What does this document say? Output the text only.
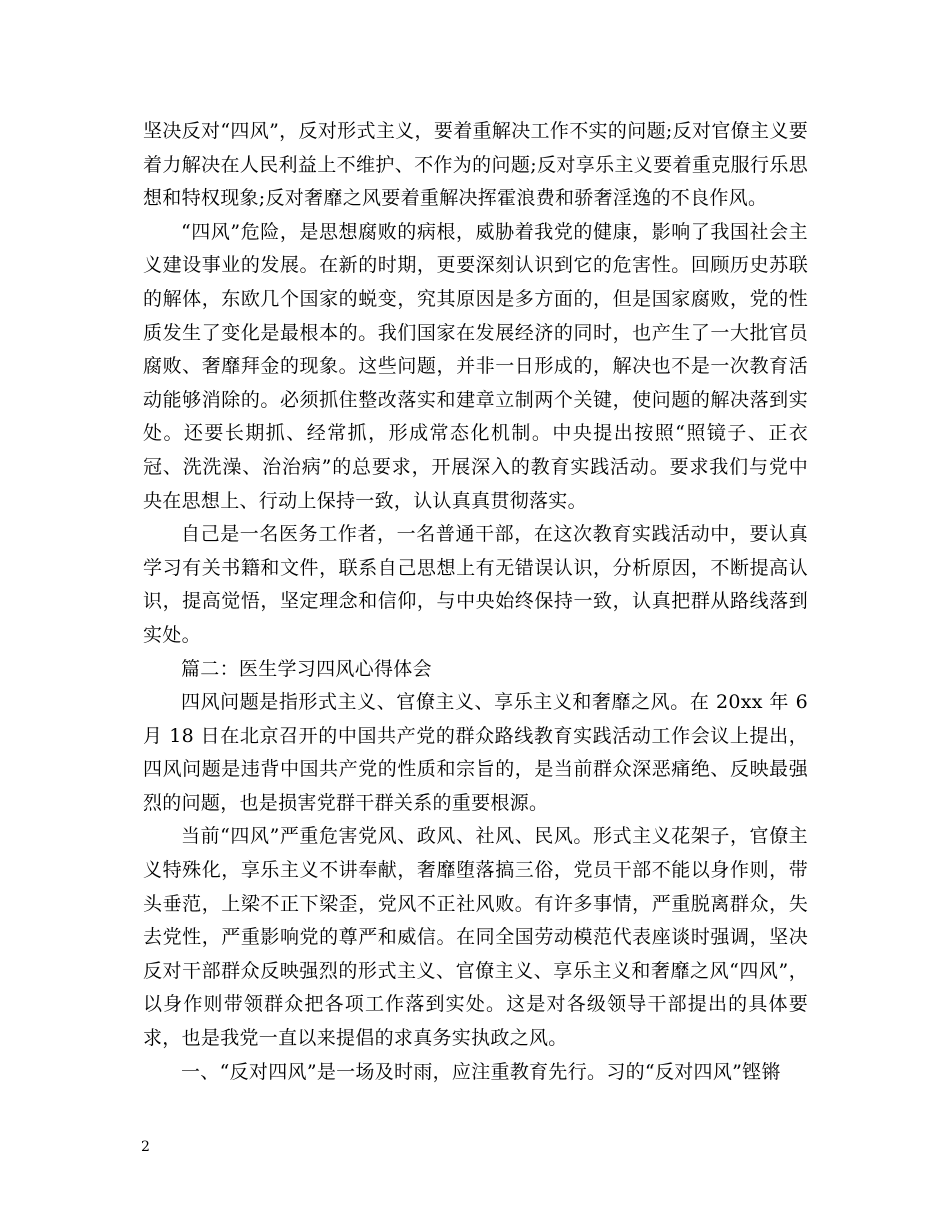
坚决反对“四风”，反对形式主义，要着重解决工作不实的问题;反对官僚主义要着力解决在人民利益上不维护、不作为的问题;反对享乐主义要着重克服行乐思想和特权现象;反对奢靡之风要着重解决挥霍浪费和骄奢淫逸的不良作风。

“四风”危险，是思想腐败的病根，威胁着我党的健康，影响了我国社会主义建设事业的发展。在新的时期，更要深刻认识到它的危害性。回顾历史苏联的解体，东欧几个国家的蜕变，究其原因是多方面的，但是国家腐败，党的性质发生了变化是最根本的。我们国家在发展经济的同时，也产生了一大批官员腐败、奢靡拜金的现象。这些问题，并非一日形成的，解决也不是一次教育活动能够消除的。必须抓住整改落实和建章立制两个关键，使问题的解决落到实处。还要长期抓、经常抓，形成常态化机制。中央提出按照“照镜子、正衣冠、洗洗澡、治治病”的总要求，开展深入的教育实践活动。要求我们与党中央在思想上、行动上保持一致，认认真真贯彻落实。

自己是一名医务工作者，一名普通干部，在这次教育实践活动中，要认真学习有关书籍和文件，联系自己思想上有无错误认识，分析原因，不断提高认识，提高觉悟，坚定理念和信仰，与中央始终保持一致，认真把群从路线落到实处。

篇二：医生学习四风心得体会

四风问题是指形式主义、官僚主义、享乐主义和奢靡之风。在 20xx 年 6 月 18 日在北京召开的中国共产党的群众路线教育实践活动工作会议上提出，四风问题是违背中国共产党的性质和宗旨的，是当前群众深恶痛绝、反映最强烈的问题，也是损害党群干群关系的重要根源。

当前“四风”严重危害党风、政风、社风、民风。形式主义花架子，官僚主义特殊化，享乐主义不讲奉献，奢靡堕落搞三俗，党员干部不能以身作则，带头垂范，上梁不正下梁歪，党风不正社风败。有许多事情，严重脱离群众，失去党性，严重影响党的尊严和威信。在同全国劳动模范代表座谈时强调，坚决反对干部群众反映强烈的形式主义、官僚主义、享乐主义和奢靡之风“四风”，以身作则带领群众把各项工作落到实处。这是对各级领导干部提出的具体要求，也是我党一直以来提倡的求真务实执政之风。

一、“反对四风”是一场及时雨，应注重教育先行。习的“反对四风”铿锵

2
